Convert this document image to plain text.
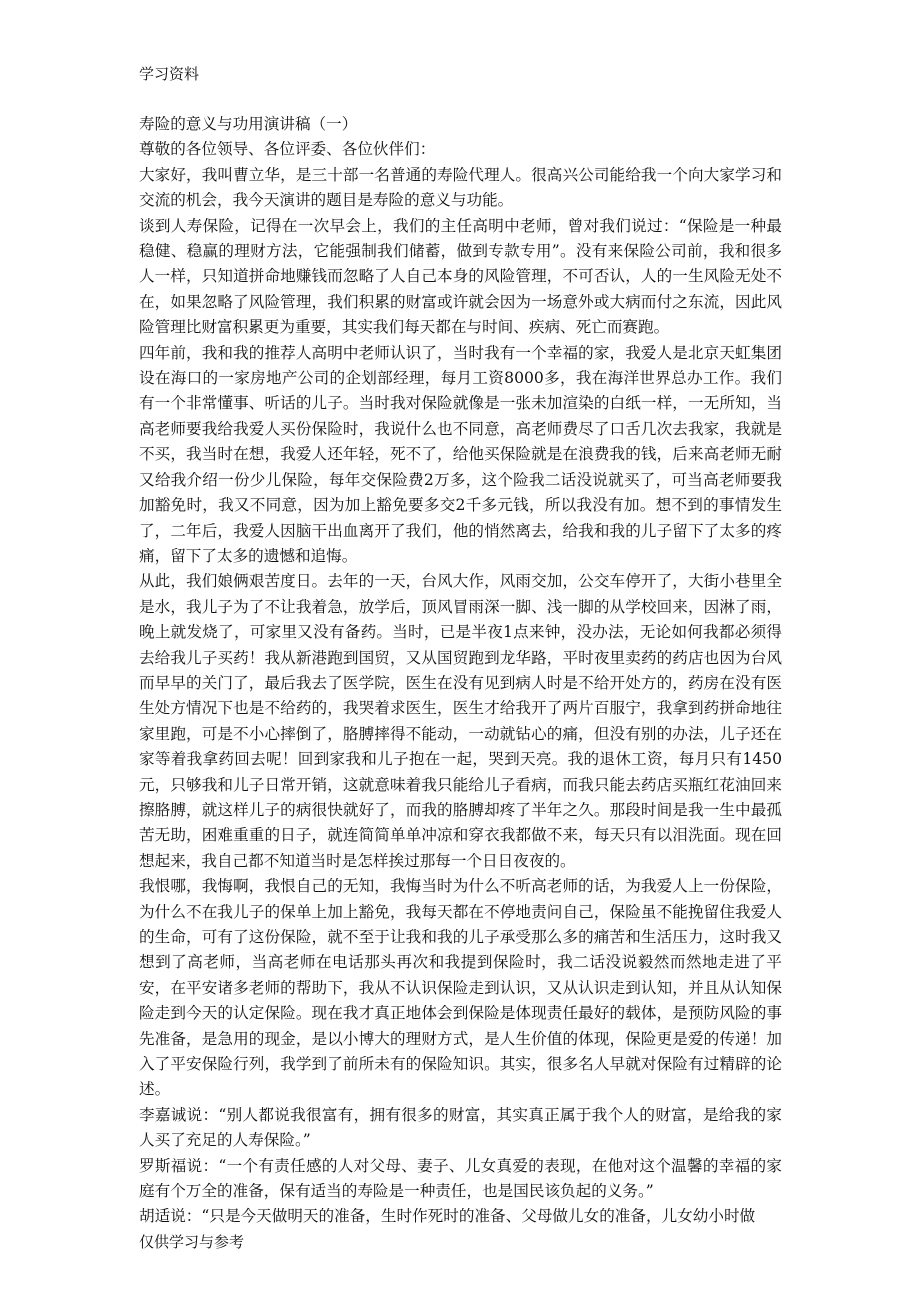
学习资料

寿险的意义与功用演讲稿（一）

尊敬的各位领导、各位评委、各位伙伴们：

大家好，我叫曹立华，是三十部一名普通的寿险代理人。很高兴公司能给我一个向大家学习和交流的机会，我今天演讲的题目是寿险的意义与功能。

谈到人寿保险，记得在一次早会上，我们的主任高明中老师，曾对我们说过：“保险是一种最稳健、稳赢的理财方法，它能强制我们储蓄，做到专款专用”。没有来保险公司前，我和很多人一样，只知道拼命地赚钱而忽略了人自己本身的风险管理，不可否认，人的一生风险无处不在，如果忽略了风险管理，我们积累的财富或许就会因为一场意外或大病而付之东流，因此风险管理比财富积累更为重要，其实我们每天都在与时间、疾病、死亡而赛跑。

四年前，我和我的推荐人高明中老师认识了，当时我有一个幸福的家，我爱人是北京天虹集团设在海口的一家房地产公司的企划部经理，每月工资8000多，我在海洋世界总办工作。我们有一个非常懂事、听话的儿子。当时我对保险就像是一张未加渲染的白纸一样，一无所知，当高老师要我给我爱人买份保险时，我说什么也不同意，高老师费尽了口舌几次去我家，我就是不买，我当时在想，我爱人还年轻，死不了，给他买保险就是在浪费我的钱，后来高老师无耐又给我介绍一份少儿保险，每年交保险费2万多，这个险我二话没说就买了，可当高老师要我加豁免时，我又不同意，因为加上豁免要多交2千多元钱，所以我没有加。想不到的事情发生了，二年后，我爱人因脑干出血离开了我们，他的悄然离去，给我和我的儿子留下了太多的疼痛，留下了太多的遗憾和追悔。

从此，我们娘俩艰苦度日。去年的一天，台风大作，风雨交加，公交车停开了，大街小巷里全是水，我儿子为了不让我着急，放学后，顶风冒雨深一脚、浅一脚的从学校回来，因淋了雨，晚上就发烧了，可家里又没有备药。当时，已是半夜1点来钟，没办法，无论如何我都必须得去给我儿子买药！我从新港跑到国贸，又从国贸跑到龙华路，平时夜里卖药的药店也因为台风而早早的关门了，最后我去了医学院，医生在没有见到病人时是不给开处方的，药房在没有医生处方情况下也是不给药的，我哭着求医生，医生才给我开了两片百服宁，我拿到药拼命地往家里跑，可是不小心摔倒了，胳膊摔得不能动，一动就钻心的痛，但没有别的办法，儿子还在家等着我拿药回去呢！回到家我和儿子抱在一起，哭到天亮。我的退休工资，每月只有1450元，只够我和儿子日常开销，这就意味着我只能给儿子看病，而我只能去药店买瓶红花油回来擦胳膊，就这样儿子的病很快就好了，而我的胳膊却疼了半年之久。那段时间是我一生中最孤苦无助，困难重重的日子，就连简简单单冲凉和穿衣我都做不来，每天只有以泪洗面。现在回想起来，我自己都不知道当时是怎样挨过那每一个日日夜夜的。

我恨哪，我悔啊，我恨自己的无知，我悔当时为什么不听高老师的话，为我爱人上一份保险，为什么不在我儿子的保单上加上豁免，我每天都在不停地责问自己，保险虽不能挽留住我爱人的生命，可有了这份保险，就不至于让我和我的儿子承受那么多的痛苦和生活压力，这时我又想到了高老师，当高老师在电话那头再次和我提到保险时，我二话没说毅然而然地走进了平安，在平安诸多老师的帮助下，我从不认识保险走到认识，又从认识走到认知，并且从认知保险走到今天的认定保险。现在我才真正地体会到保险是体现责任最好的载体，是预防风险的事先准备，是急用的现金，是以小博大的理财方式，是人生价值的体现，保险更是爱的传递！加入了平安保险行列，我学到了前所未有的保险知识。其实，很多名人早就对保险有过精辟的论述。

李嘉诚说：“别人都说我很富有，拥有很多的财富，其实真正属于我个人的财富，是给我的家人买了充足的人寿保险。”

罗斯福说：“一个有责任感的人对父母、妻子、儿女真爱的表现，在他对这个温馨的幸福的家庭有个万全的准备，保有适当的寿险是一种责任，也是国民该负起的义务。”

胡适说：“只是今天做明天的准备，生时作死时的准备、父母做儿女的准备，儿女幼小时做

仅供学习与参考
